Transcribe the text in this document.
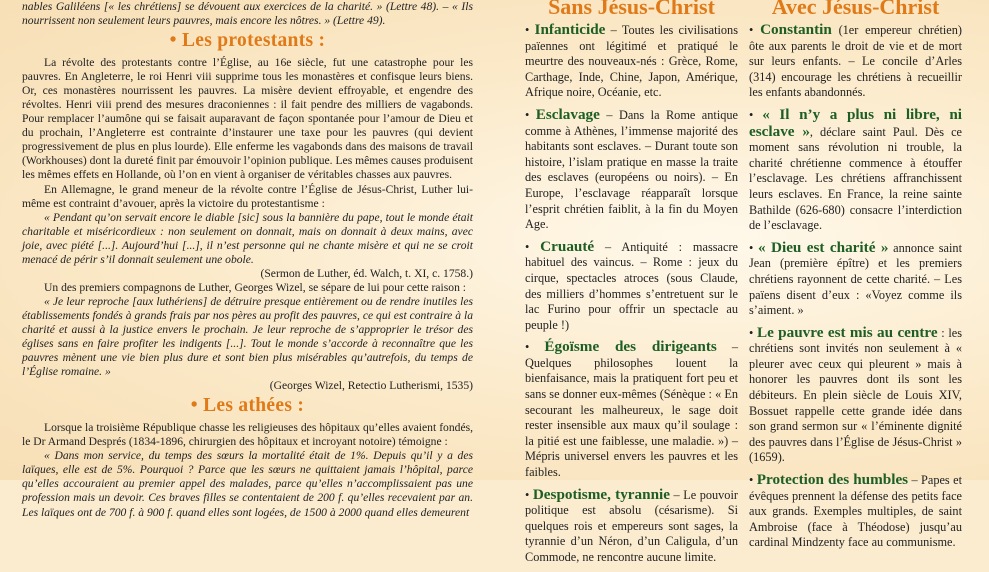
nables Galiléens [« les chrétiens] se dévouent aux exercices de la charité. » (Lettre 48). – « Ils nourrissent non seulement leurs pauvres, mais encore les nôtres. » (Lettre 49).

• Les protestants :

La révolte des protestants contre l’Église, au 16e siècle, fut une catastrophe pour les pauvres. En Angleterre, le roi Henri viii supprime tous les monastères et confisque leurs biens. Or, ces monastères nourrissent les pauvres. La misère devient effroyable, et engendre des révoltes. Henri viii prend des mesures draconiennes : il fait pendre des milliers de vagabonds. Pour remplacer l’aumône qui se faisait auparavant de façon spontanée pour l’amour de Dieu et du prochain, l’Angleterre est contrainte d’instaurer une taxe pour les pauvres (qui devient progressivement de plus en plus lourde). Elle enferme les vagabonds dans des maisons de travail (Workhouses) dont la dureté finit par émouvoir l’opinion publique. Les mêmes causes produisent les mêmes effets en Hollande, où l’on en vient à organiser de véritables chasses aux pauvres.

En Allemagne, le grand meneur de la révolte contre l’Église de Jésus-Christ, Luther lui-même est contraint d’avouer, après la victoire du protestantisme :

« Pendant qu’on servait encore le diable [sic] sous la bannière du pape, tout le monde était charitable et miséricordieux : non seulement on donnait, mais on donnait à deux mains, avec joie, avec piété [...]. Aujourd’hui [...], il n’est personne qui ne chante misère et qui ne se croit menacé de périr s’il donnait seulement une obole.

(Sermon de Luther, éd. Walch, t. XI, c. 1758.)

Un des premiers compagnons de Luther, Georges Wizel, se sépare de lui pour cette raison :

« Je leur reproche [aux luthériens] de détruire presque entièrement ou de rendre inutiles les établissements fondés à grands frais par nos pères au profit des pauvres, ce qui est contraire à la charité et aussi à la justice envers le prochain. Je leur reproche de s’approprier le trésor des églises sans en faire profiter les indigents [...]. Tout le monde s’accorde à reconnaître que les pauvres mènent une vie bien plus dure et sont bien plus misérables qu’autrefois, du temps de l’Église romaine. »

(Georges Wizel, Retectio Lutherismi, 1535)

• Les athées :

Lorsque la troisième République chasse les religieuses des hôpitaux qu’elles avaient fondés, le Dr Armand Després (1834-1896, chirurgien des hôpitaux et incroyant notoire) témoigne :

« Dans mon service, du temps des sœurs la mortalité était de 1%. Depuis qu’il y a des laïques, elle est de 5%. Pourquoi ? Parce que les sœurs ne quittaient jamais l’hôpital, parce qu’elles accouraient au premier appel des malades, parce qu’elles n’accomplissaient pas une profession mais un devoir. Ces braves filles se contentaient de 200 f. qu’elles recevaient par an. Les laïques ont de 700 f. à 900 f. quand elles sont logées, de 1500 à 2000 quand elles demeurent

Sans Jésus-Christ
• Infanticide – Toutes les civilisations païennes ont légitimé et pratiqué le meurtre des nouveaux-nés : Grèce, Rome, Carthage, Inde, Chine, Japon, Amérique, Afrique noire, Océanie, etc.
• Esclavage – Dans la Rome antique comme à Athènes, l’immense majorité des habitants sont esclaves. – Durant toute son histoire, l’islam pratique en masse la traite des esclaves (européens ou noirs). – En Europe, l’esclavage réapparaît lorsque l’esprit chrétien faiblit, à la fin du Moyen Age.
• Cruauté – Antiquité : massacre habituel des vaincus. – Rome : jeux du cirque, spectacles atroces (sous Claude, des milliers d’hommes s’entretuent sur le lac Furino pour offrir un spectacle au peuple !)
• Égoïsme des dirigeants – Quelques philosophes louent la bienfaisance, mais la pratiquent fort peu et sans se donner eux-mêmes (Sénèque : « En secourant les malheureux, le sage doit rester insensible aux maux qu’il soulage : la pitié est une faiblesse, une maladie. ») – Mépris universel envers les pauvres et les faibles.
• Despotisme, tyrannie – Le pouvoir politique est absolu (césarisme). Si quelques rois et empereurs sont sages, la tyrannie d’un Néron, d’un Caligula, d’un Commode, ne rencontre aucune limite.
Avec Jésus-Christ
• Constantin (1er empereur chrétien) ôte aux parents le droit de vie et de mort sur leurs enfants. – Le concile d’Arles (314) encourage les chrétiens à recueillir les enfants abandonnés.
• « Il n’y a plus ni libre, ni esclave », déclare saint Paul. Dès ce moment sans révolution ni trouble, la charité chrétienne commence à étouffer l’esclavage. Les chrétiens affranchissent leurs esclaves. En France, la reine sainte Bathilde (626-680) consacre l’interdiction de l’esclavage.
• « Dieu est charité » annonce saint Jean (première épître) et les premiers chrétiens rayonnent de cette charité. – Les païens disent d’eux : «Voyez comme ils s’aiment. »
• Le pauvre est mis au centre : les chrétiens sont invités non seulement à « pleurer avec ceux qui pleurent » mais à honorer les pauvres dont ils sont les débiteurs. En plein siècle de Louis XIV, Bossuet rappelle cette grande idée dans son grand sermon sur « l’éminente dignité des pauvres dans l’Église de Jésus-Christ » (1659).
• Protection des humbles – Papes et évêques prennent la défense des petits face aux grands. Exemples multiples, de saint Ambroise (face à Théodose) jusqu’au cardinal Mindzenty face au communisme.
